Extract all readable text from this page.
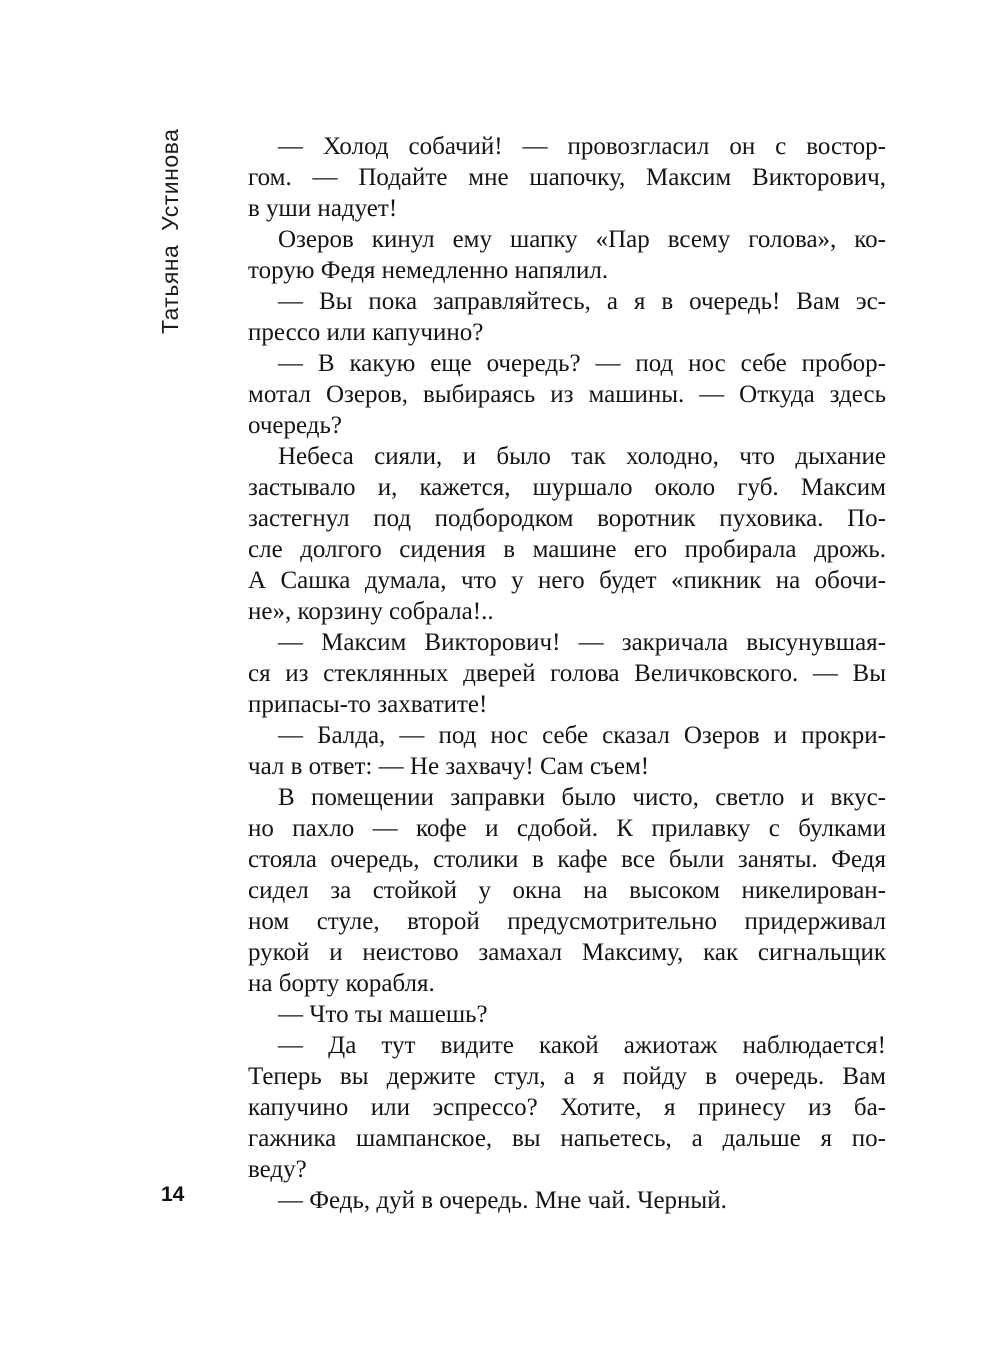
Татьяна Устинова	— Холод собачий! — провозгласил он с востор-
гом. — Подайте мне шапочку, Максим Викторович,
в уши надует!
Озеров кинул ему шапку «Пар всему голова», ко-
торую Федя немедленно напялил.
— Вы пока заправляйтесь, а я в очередь! Вам эс-
прессо или капучино?
— В какую еще очередь? — под нос себе пробор-
мотал Озеров, выбираясь из машины. — Откуда здесь
очередь?
Небеса сияли, и было так холодно, что дыхание
застывало и, кажется, шуршало около губ. Максим
застегнул под подбородком воротник пуховика. По-
сле долгого сидения в машине его пробирала дрожь.
А Сашка думала, что у него будет «пикник на обочи-
не», корзину собрала!..
— Максим Викторович! — закричала высунувшая-
ся из стеклянных дверей голова Величковского. — Вы
припасы-то захватите!
— Балда, — под нос себе сказал Озеров и прокри-
чал в ответ: — Не захвачу! Сам съем!
В помещении заправки было чисто, светло и вкус-
но пахло — кофе и сдобой. К прилавку с булками
стояла очередь, столики в кафе все были заняты. Федя
сидел за стойкой у окна на высоком никелирован-
ном стуле, второй предусмотрительно придерживал
рукой и неистово замахал Максиму, как сигнальщик
на борту корабля.
— Что ты машешь?
— Да тут видите какой ажиотаж наблюдается!
Теперь вы держите стул, а я пойду в очередь. Вам
капучино или эспрессо? Хотите, я принесу из ба-
гажника шампанское, вы напьетесь, а дальше я по-
веду?
— Федь, дуй в очередь. Мне чай. Черный.
14
